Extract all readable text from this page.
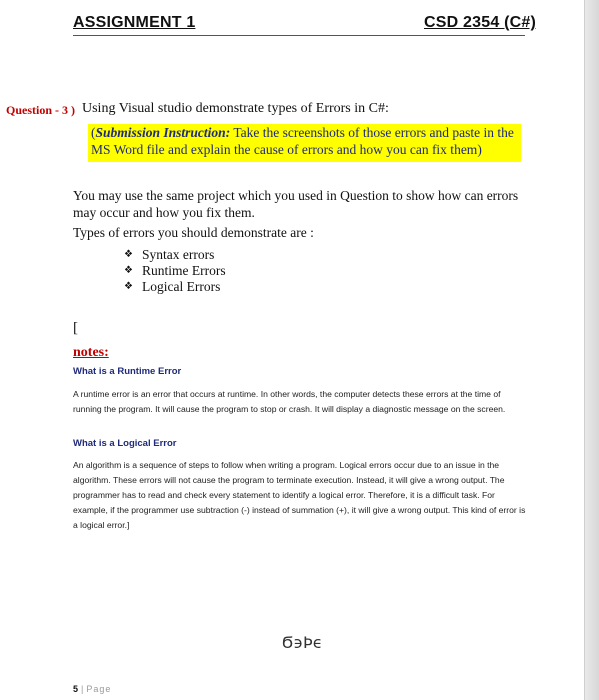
ASSIGNMENT 1	CSD 2354 (C#)
Question - 3 ) Using Visual studio demonstrate types of Errors in C#:
(Submission Instruction: Take the screenshots of those errors and paste in the MS Word file and explain the cause of errors and how you can fix them)
You may use the same project which you used in Question to show how can errors may occur and how you fix them.
Types of errors you should demonstrate are :
❖ Syntax errors
❖ Runtime Errors
❖ Logical Errors
[
notes:
What is a Runtime Error
A runtime error is an error that occurs at runtime. In other words, the computer detects these errors at the time of running the program. It will cause the program to stop or crash. It will display a diagnostic message on the screen.
What is a Logical Error
An algorithm is a sequence of steps to follow when writing a program. Logical errors occur due to an issue in the algorithm. These errors will not cause the program to terminate execution. Instead, it will give a wrong output. The programmer has to read and check every statement to identify a logical error. Therefore, it is a difficult task. For example, if the programmer use subtraction (-) instead of summation (+), it will give a wrong output. This kind of error is a logical error.]
Ϭ϶Ϸϵ
5 | Page
